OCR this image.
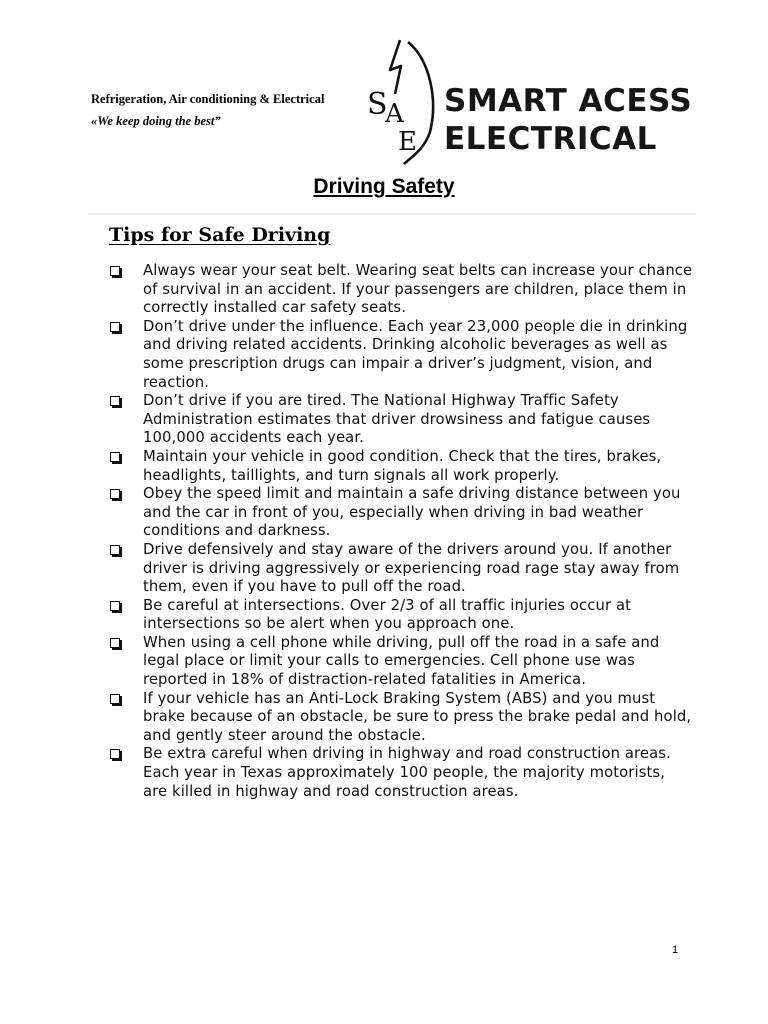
Refrigeration, Air conditioning & Electrical
«We keep doing the best”	S
A
E
SMART ACESS
ELECTRICAL
Driving Safety
Tips for Safe Driving
Always wear your seat belt. Wearing seat belts can increase your chance of survival in an accident. If your passengers are children, place them in correctly installed car safety seats.
Don’t drive under the influence. Each year 23,000 people die in drinking and driving related accidents. Drinking alcoholic beverages as well as some prescription drugs can impair a driver’s judgment, vision, and reaction.
Don’t drive if you are tired. The National Highway Traffic Safety Administration estimates that driver drowsiness and fatigue causes 100,000 accidents each year.
Maintain your vehicle in good condition. Check that the tires, brakes, headlights, taillights, and turn signals all work properly.
Obey the speed limit and maintain a safe driving distance between you and the car in front of you, especially when driving in bad weather conditions and darkness.
Drive defensively and stay aware of the drivers around you. If another driver is driving aggressively or experiencing road rage stay away from them, even if you have to pull off the road.
Be careful at intersections. Over 2/3 of all traffic injuries occur at intersections so be alert when you approach one.
When using a cell phone while driving, pull off the road in a safe and legal place or limit your calls to emergencies. Cell phone use was reported in 18% of distraction-related fatalities in America.
If your vehicle has an Anti-Lock Braking System (ABS) and you must brake because of an obstacle, be sure to press the brake pedal and hold, and gently steer around the obstacle.
Be extra careful when driving in highway and road construction areas. Each year in Texas approximately 100 people, the majority motorists, are killed in highway and road construction areas.
1
